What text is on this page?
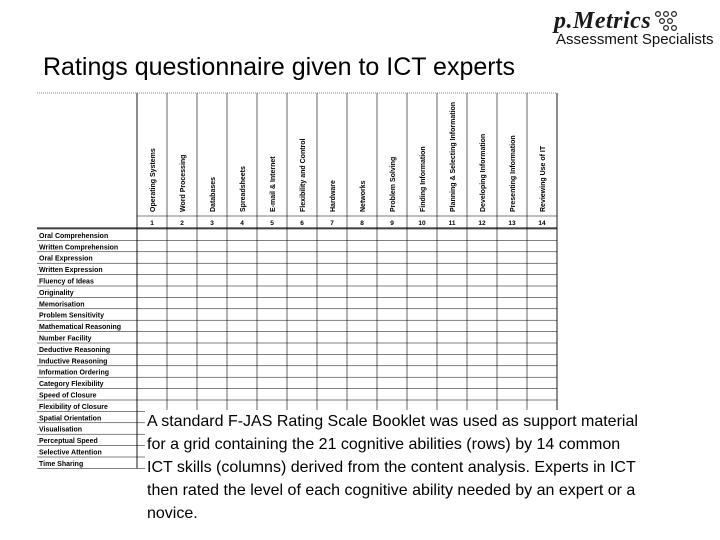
p.Metrics
Assessment Specialists
Ratings questionnaire given to ICT experts
Operating Systems	Word Processing	Databases	Spreadsheets	E-mail & Internet	Flexibility and Control	Hardware	Networks	Problem Solving	Finding Information	Planning & Selecting Information	Developing Information	Presenting Information	Reviewing Use of IT
1	2	3	4	5	6	7	8	9	10	11	12	13	14
Oral Comprehension
Written Comprehension
Oral Expression
Written Expression
Fluency of Ideas
Originality
Memorisation
Problem Sensitivity
Mathematical Reasoning
Number Facility
Deductive Reasoning
Inductive Reasoning
Information Ordering
Category Flexibility
Speed of Closure
Flexibility of Closure
Spatial Orientation
Visualisation
Perceptual Speed
Selective Attention
Time Sharing
A standard F-JAS Rating Scale Booklet was used as support material
for a grid containing the 21 cognitive abilities (rows) by 14 common
ICT skills (columns) derived from the content analysis. Experts in ICT
then rated the level of each cognitive ability needed by an expert or a
novice.
